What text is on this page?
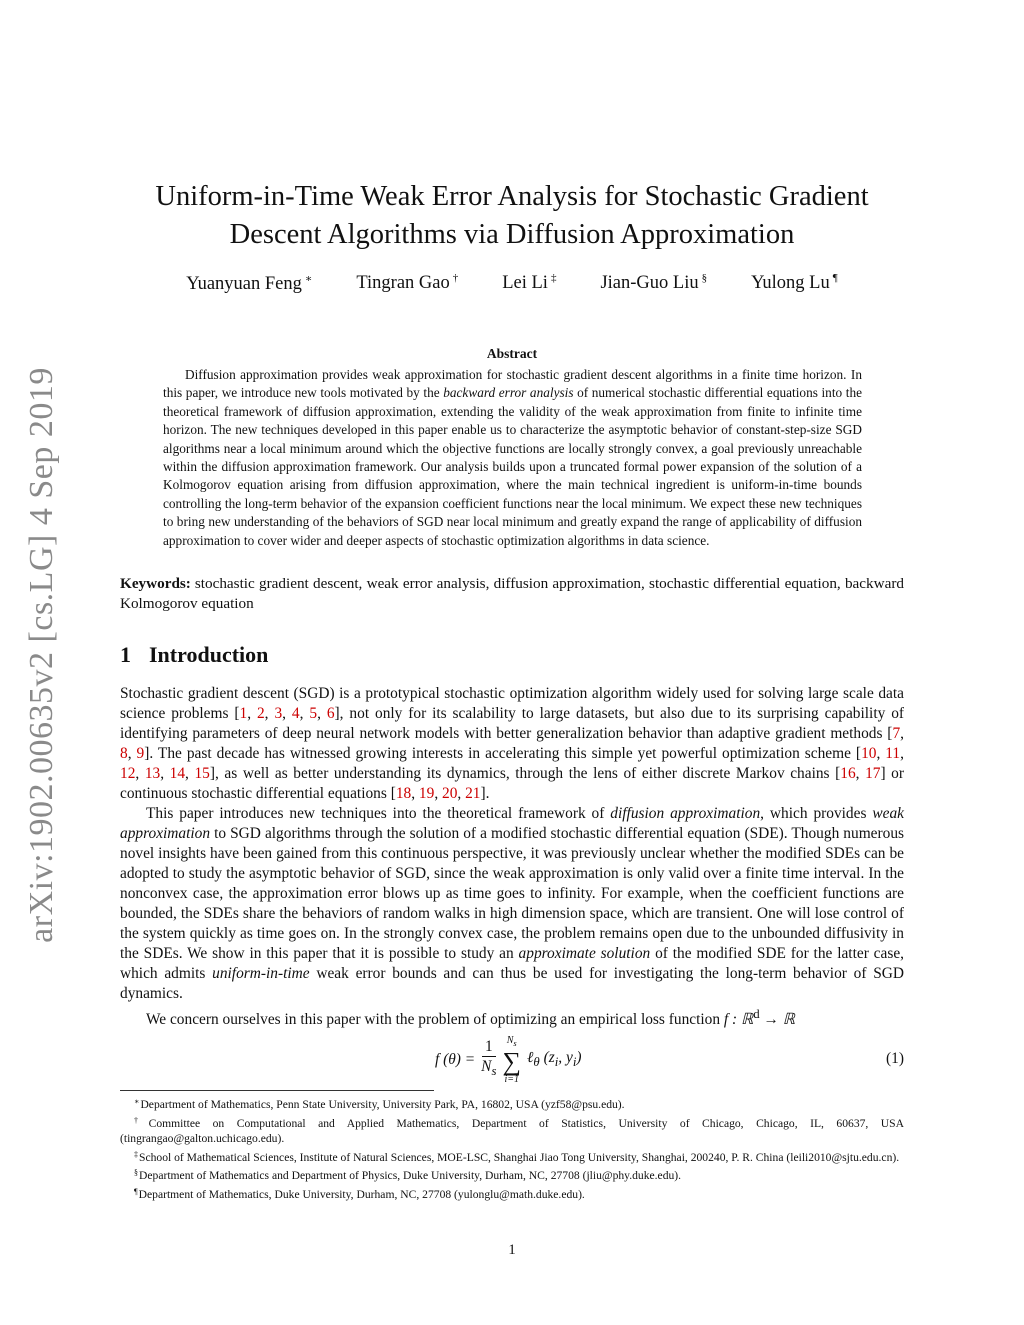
arXiv:1902.00635v2 [cs.LG] 4 Sep 2019
Uniform-in-Time Weak Error Analysis for Stochastic Gradient
Descent Algorithms via Diffusion Approximation
Yuanyuan Feng ∗ Tingran Gao † Lei Li ‡ Jian-Guo Liu § Yulong Lu ¶
Abstract

Diffusion approximation provides weak approximation for stochastic gradient descent algorithms in a finite time horizon. In this paper, we introduce new tools motivated by the backward error analysis of numerical stochastic differential equations into the theoretical framework of diffusion approximation, extending the validity of the weak approximation from finite to infinite time horizon. The new techniques developed in this paper enable us to characterize the asymptotic behavior of constant-step-size SGD algorithms near a local minimum around which the objective functions are locally strongly convex, a goal previously unreachable within the diffusion approximation framework. Our analysis builds upon a truncated formal power expansion of the solution of a Kolmogorov equation arising from diffusion approximation, where the main technical ingredient is uniform-in-time bounds controlling the long-term behavior of the expansion coefficient functions near the local minimum. We expect these new techniques to bring new understanding of the behaviors of SGD near local minimum and greatly expand the range of applicability of diffusion approximation to cover wider and deeper aspects of stochastic optimization algorithms in data science.

Keywords: stochastic gradient descent, weak error analysis, diffusion approximation, stochastic differential equation, backward Kolmogorov equation
1 Introduction

Stochastic gradient descent (SGD) is a prototypical stochastic optimization algorithm widely used for solving large scale data science problems [1, 2, 3, 4, 5, 6], not only for its scalability to large datasets, but also due to its surprising capability of identifying parameters of deep neural network models with better generalization behavior than adaptive gradient methods [7, 8, 9]. The past decade has witnessed growing interests in accelerating this simple yet powerful optimization scheme [10, 11, 12, 13, 14, 15], as well as better understanding its dynamics, through the lens of either discrete Markov chains [16, 17] or continuous stochastic differential equations [18, 19, 20, 21].

This paper introduces new techniques into the theoretical framework of diffusion approximation, which provides weak approximation to SGD algorithms through the solution of a modified stochastic differential equation (SDE). Though numerous novel insights have been gained from this continuous perspective, it was previously unclear whether the modified SDEs can be adopted to study the asymptotic behavior of SGD, since the weak approximation is only valid over a finite time interval. In the nonconvex case, the approximation error blows up as time goes to infinity. For example, when the coefficient functions are bounded, the SDEs share the behaviors of random walks in high dimension space, which are transient. One will lose control of the system quickly as time goes on. In the strongly convex case, the problem remains open due to the unbounded diffusivity in the SDEs. We show in this paper that it is possible to study an approximate solution of the modified SDE for the latter case, which admits uniform-in-time weak error bounds and can thus be used for investigating the long-term behavior of SGD dynamics.

We concern ourselves in this paper with the problem of optimizing an empirical loss function f : ℝ$^d$ → ℝ

f $(\theta) = \frac{1}{N_s} N_s$
∑
i=1
ℓ$_\theta$ ($z_i$, $y_i$)	(1)

∗Department of Mathematics, Penn State University, University Park, PA, 16802, USA (yzf58@psu.edu).

†Committee on Computational and Applied Mathematics, Department of Statistics, University of Chicago, Chicago, IL, 60637, USA (tingrangao@galton.uchicago.edu).

‡School of Mathematical Sciences, Institute of Natural Sciences, MOE-LSC, Shanghai Jiao Tong University, Shanghai, 200240, P. R. China (leili2010@sjtu.edu.cn).

§Department of Mathematics and Department of Physics, Duke University, Durham, NC, 27708 (jliu@phy.duke.edu).

¶Department of Mathematics, Duke University, Durham, NC, 27708 (yulonglu@math.duke.edu).

1
